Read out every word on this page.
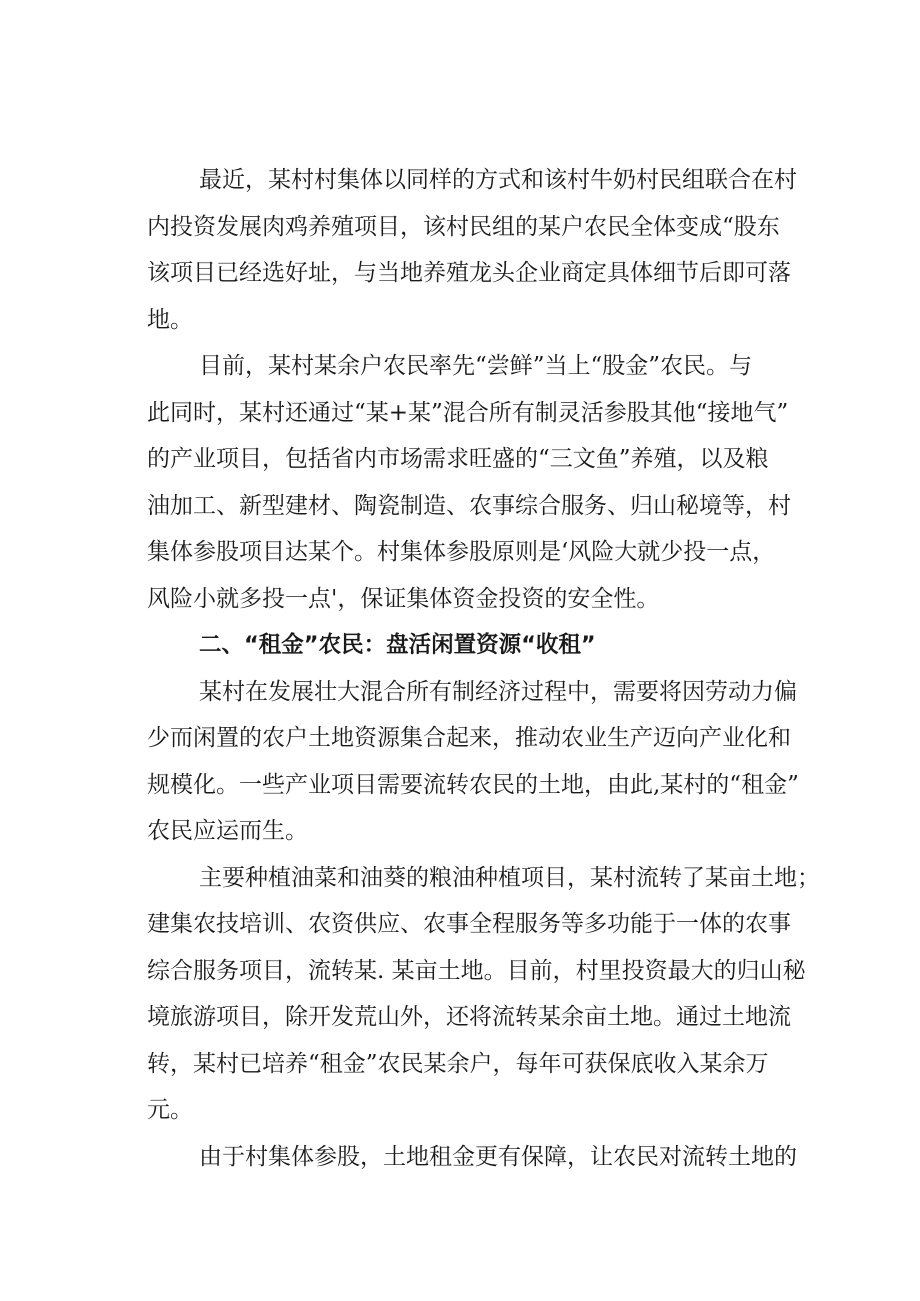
最近，某村村集体以同样的方式和该村牛奶村民组联合在村
内投资发展肉鸡养殖项目，该村民组的某户农民全体变成“股东
该项目已经选好址，与当地养殖龙头企业商定具体细节后即可落
地。
目前，某村某余户农民率先“尝鲜”当上“股金”农民。与
此同时，某村还通过“某+某”混合所有制灵活参股其他“接地气”
的产业项目，包括省内市场需求旺盛的“三文鱼”养殖，以及粮
油加工、新型建材、陶瓷制造、农事综合服务、归山秘境等，村
集体参股项目达某个。村集体参股原则是‘风险大就少投一点，
风险小就多投一点'，保证集体资金投资的安全性。
二、“租金”农民：盘活闲置资源“收租”
某村在发展壮大混合所有制经济过程中，需要将因劳动力偏
少而闲置的农户土地资源集合起来，推动农业生产迈向产业化和
规模化。一些产业项目需要流转农民的土地，由此,某村的“租金”
农民应运而生。
主要种植油菜和油葵的粮油种植项目，某村流转了某亩土地；
建集农技培训、农资供应、农事全程服务等多功能于一体的农事
综合服务项目，流转某. 某亩土地。目前，村里投资最大的归山秘
境旅游项目，除开发荒山外，还将流转某余亩土地。通过土地流
转，某村已培养“租金”农民某余户，每年可获保底收入某余万
元。
由于村集体参股，土地租金更有保障，让农民对流转土地的
